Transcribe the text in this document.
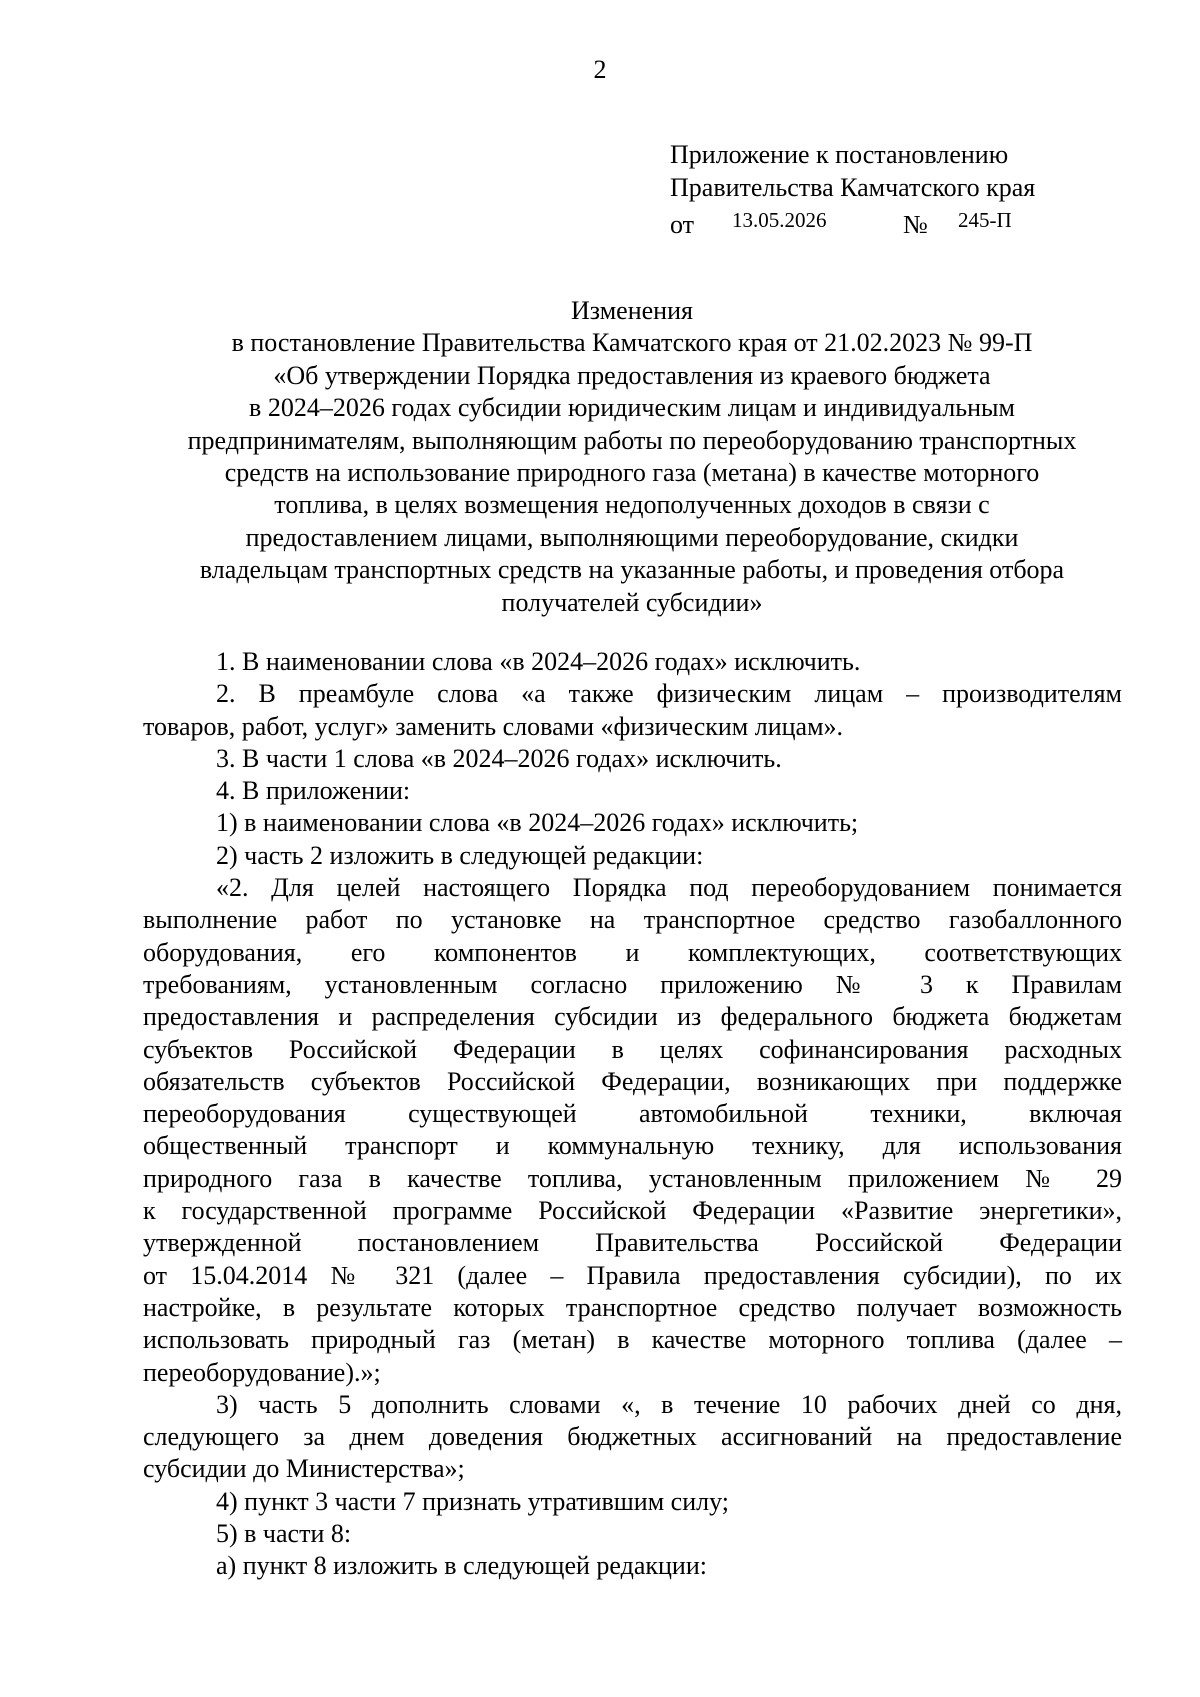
2
Приложение к постановлению
Правительства Камчатского края
от 13.05.2026	№ 245-П
Изменения
в постановление Правительства Камчатского края от 21.02.2023 № 99-П
«Об утверждении Порядка предоставления из краевого бюджета
в 2024–2026 годах субсидии юридическим лицам и индивидуальным
предпринимателям, выполняющим работы по переоборудованию транспортных
средств на использование природного газа (метана) в качестве моторного
топлива, в целях возмещения недополученных доходов в связи с
предоставлением лицами, выполняющими переоборудование, скидки
владельцам транспортных средств на указанные работы, и проведения отбора
получателей субсидии»
1. В наименовании слова «в 2024–2026 годах» исключить.
2. В преамбуле слова «а также физическим лицам – производителям
товаров, работ, услуг» заменить словами «физическим лицам».
3. В части 1 слова «в 2024–2026 годах» исключить.
4. В приложении:
1) в наименовании слова «в 2024–2026 годах» исключить;
2) часть 2 изложить в следующей редакции:
«2. Для целей настоящего Порядка под переоборудованием понимается
выполнение работ по установке на транспортное средство газобаллонного
оборудования, его компонентов и комплектующих, соответствующих
требованиям, установленным согласно приложению № 3 к Правилам
предоставления и распределения субсидии из федерального бюджета бюджетам
субъектов Российской Федерации в целях софинансирования расходных
обязательств субъектов Российской Федерации, возникающих при поддержке
переоборудования существующей автомобильной техники, включая
общественный транспорт и коммунальную технику, для использования
природного газа в качестве топлива, установленным приложением № 29
к государственной программе Российской Федерации «Развитие энергетики»,
утвержденной постановлением Правительства Российской Федерации
от 15.04.2014 № 321 (далее – Правила предоставления субсидии), по их
настройке, в результате которых транспортное средство получает возможность
использовать природный газ (метан) в качестве моторного топлива (далее –
переоборудование).»;
3) часть 5 дополнить словами «, в течение 10 рабочих дней со дня,
следующего за днем доведения бюджетных ассигнований на предоставление
субсидии до Министерства»;
4) пункт 3 части 7 признать утратившим силу;
5) в части 8:
а) пункт 8 изложить в следующей редакции:
